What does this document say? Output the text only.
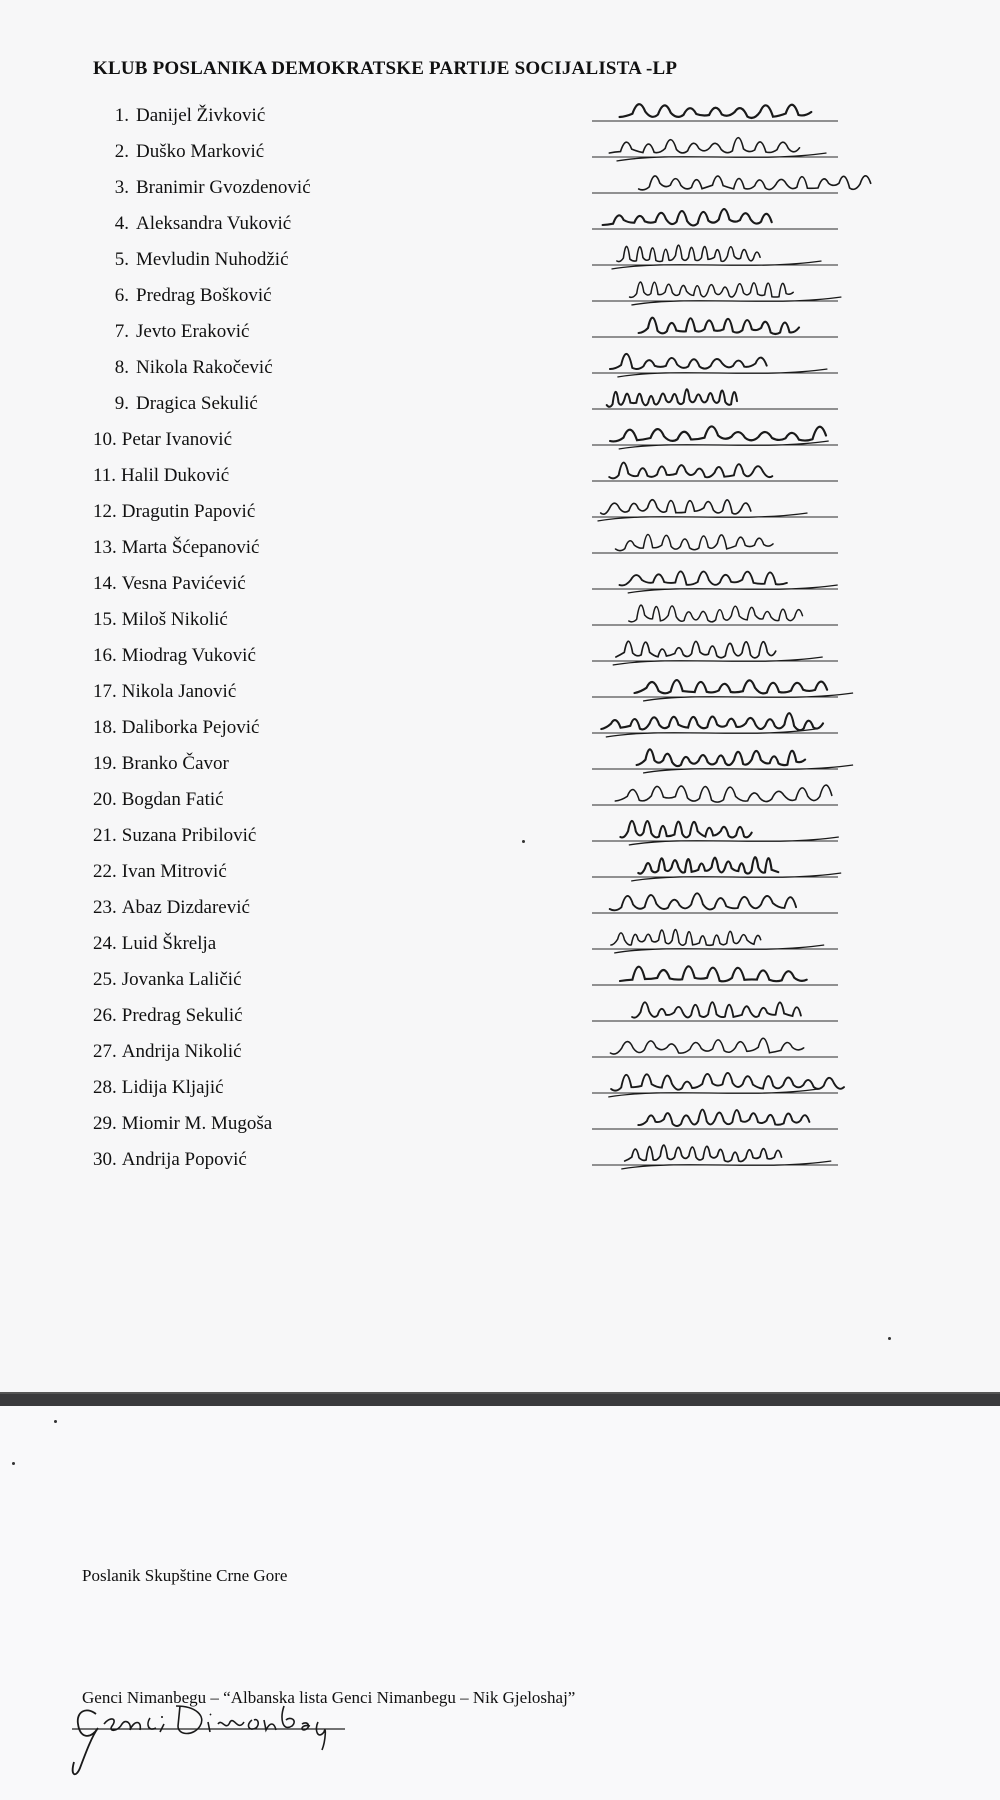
KLUB POSLANIKA DEMOKRATSKE PARTIJE SOCIJALISTA -LP
1. Danijel Živković
2. Duško Marković
3. Branimir Gvozdenović
4. Aleksandra Vuković
5. Mevludin Nuhodžić
6. Predrag Bošković
7. Jevto Eraković
8. Nikola Rakočević
9. Dragica Sekulić
10. Petar Ivanović
11. Halil Duković
12. Dragutin Papović
13. Marta Šćepanović
14. Vesna Pavićević
15. Miloš Nikolić
16. Miodrag Vuković
17. Nikola Janović
18. Daliborka Pejović
19. Branko Čavor
20. Bogdan Fatić
21. Suzana Pribilović
22. Ivan Mitrović
23. Abaz Dizdarević
24. Luid Škrelja
25. Jovanka Laličić
26. Predrag Sekulić
27. Andrija Nikolić
28. Lidija Kljajić
29. Miomir M. Mugoša
30. Andrija Popović
Poslanik Skupštine Crne Gore
Genci Nimanbegu – “Albanska lista Genci Nimanbegu – Nik Gjeloshaj”
